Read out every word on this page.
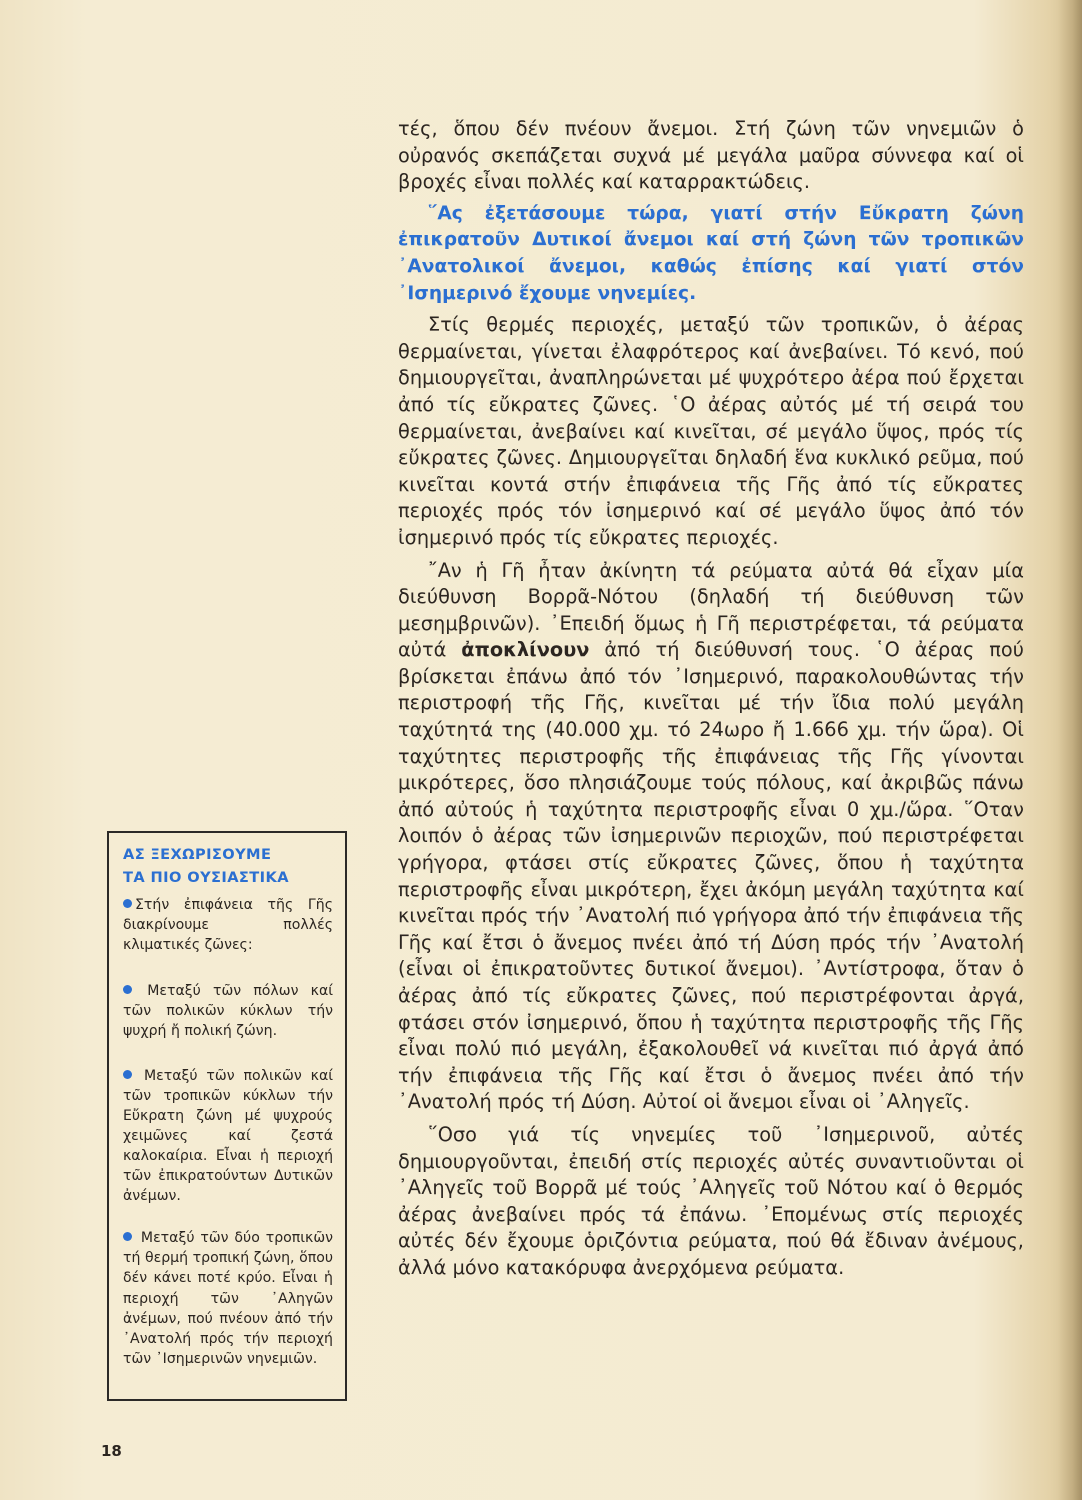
τές, ὅπου δέν πνέουν ἄνεμοι. Στή ζώνη τῶν νηνεμιῶν ὁ οὐρανός σκεπάζεται συχνά μέ μεγάλα μαῦρα σύννεφα καί οἱ βροχές εἶναι πολλές καί καταρρακτώδεις.

῞Ας ἐξετάσουμε τώρα, γιατί στήν Εὔκρατη ζώνη ἐπικρατοῦν Δυτικοί ἄνεμοι καί στή ζώνη τῶν τροπικῶν ᾿Ανατολικοί ἄνεμοι, καθώς ἐπίσης καί γιατί στόν ᾿Ισημερινό ἔχουμε νηνεμίες.

Στίς θερμές περιοχές, μεταξύ τῶν τροπικῶν, ὁ ἀέρας θερμαίνεται, γίνεται ἐλαφρότερος καί ἀνεβαίνει. Τό κενό, πού δημιουργεῖται, ἀναπληρώνεται μέ ψυχρότερο ἀέρα πού ἔρχεται ἀπό τίς εὔκρατες ζῶνες. ῾Ο ἀέρας αὐτός μέ τή σειρά του θερμαίνεται, ἀνεβαίνει καί κινεῖται, σέ μεγάλο ὕψος, πρός τίς εὔκρατες ζῶνες. Δημιουργεῖται δηλαδή ἕνα κυκλικό ρεῦμα, πού κινεῖται κοντά στήν ἐπιφάνεια τῆς Γῆς ἀπό τίς εὔκρατες περιοχές πρός τόν ἰσημερινό καί σέ μεγάλο ὕψος ἀπό τόν ἰσημερινό πρός τίς εὔκρατες περιοχές.

῎Αν ἡ Γῆ ἦταν ἀκίνητη τά ρεύματα αὐτά θά εἶχαν μία διεύθυνση Βορρᾶ-Νότου (δηλαδή τή διεύθυνση τῶν μεσημβρινῶν). ᾿Επειδή ὅμως ἡ Γῆ περιστρέφεται, τά ρεύματα αὐτά ἀποκλίνουν ἀπό τή διεύθυνσή τους. ῾Ο ἀέρας πού βρίσκεται ἐπάνω ἀπό τόν ᾿Ισημερινό, παρακολουθώντας τήν περιστροφή τῆς Γῆς, κινεῖται μέ τήν ἴδια πολύ μεγάλη ταχύτητά της (40.000 χμ. τό 24ωρο ἤ 1.666 χμ. τήν ὥρα). Οἱ ταχύτητες περιστροφῆς τῆς ἐπιφάνειας τῆς Γῆς γίνονται μικρότερες, ὅσο πλησιάζουμε τούς πόλους, καί ἀκριβῶς πάνω ἀπό αὐτούς ἡ ταχύτητα περιστροφῆς εἶναι 0 χμ./ὥρα. ῞Οταν λοιπόν ὁ ἀέρας τῶν ἰσημερινῶν περιοχῶν, πού περιστρέφεται γρήγορα, φτάσει στίς εὔκρατες ζῶνες, ὅπου ἡ ταχύτητα περιστροφῆς εἶναι μικρότερη, ἔχει ἀκόμη μεγάλη ταχύτητα καί κινεῖται πρός τήν ᾿Ανατολή πιό γρήγορα ἀπό τήν ἐπιφάνεια τῆς Γῆς καί ἔτσι ὁ ἄνεμος πνέει ἀπό τή Δύση πρός τήν ᾿Ανατολή (εἶναι οἱ ἐπικρατοῦντες δυτικοί ἄνεμοι). ᾿Αντίστροφα, ὅταν ὁ ἀέρας ἀπό τίς εὔκρατες ζῶνες, πού περιστρέφονται ἀργά, φτάσει στόν ἰσημερινό, ὅπου ἡ ταχύτητα περιστροφῆς τῆς Γῆς εἶναι πολύ πιό μεγάλη, ἐξακολουθεῖ νά κινεῖται πιό ἀργά ἀπό τήν ἐπιφάνεια τῆς Γῆς καί ἔτσι ὁ ἄνεμος πνέει ἀπό τήν ᾿Ανατολή πρός τή Δύση. Αὐτοί οἱ ἄνεμοι εἶναι οἱ ᾿Αληγεῖς.

῞Οσο γιά τίς νηνεμίες τοῦ ᾿Ισημερινοῦ, αὐτές δημιουργοῦνται, ἐπειδή στίς περιοχές αὐτές συναντιοῦνται οἱ ᾿Αληγεῖς τοῦ Βορρᾶ μέ τούς ᾿Αληγεῖς τοῦ Νότου καί ὁ θερμός ἀέρας ἀνεβαίνει πρός τά ἐπάνω. ᾿Επομένως στίς περιοχές αὐτές δέν ἔχουμε ὁριζόντια ρεύματα, πού θά ἔδιναν ἀνέμους, ἀλλά μόνο κατακόρυφα ἀνερχόμενα ρεύματα.

ΑΣ ΞΕΧΩΡΙΣΟΥΜΕ
ΤΑ ΠΙΟ ΟΥΣΙΑΣΤΙΚΑ
Στήν ἐπιφάνεια τῆς Γῆς διακρίνουμε πολλές κλιματικές ζῶνες:
Μεταξύ τῶν πόλων καί τῶν πολικῶν κύκλων τήν ψυχρή ἤ πολική ζώνη.
Μεταξύ τῶν πολικῶν καί τῶν τροπικῶν κύκλων τήν Εὔκρατη ζώνη μέ ψυχρούς χειμῶνες καί ζεστά καλοκαίρια. Εἶναι ἡ περιοχή τῶν ἐπικρατούντων Δυτικῶν ἀνέμων.
Μεταξύ τῶν δύο τροπικῶν τή θερμή τροπική ζώνη, ὅπου δέν κάνει ποτέ κρύο. Εἶναι ἡ περιοχή τῶν ᾿Αληγῶν ἀνέμων, πού πνέουν ἀπό τήν ᾿Ανατολή πρός τήν περιοχή τῶν ᾿Ισημερινῶν νηνεμιῶν.
18
